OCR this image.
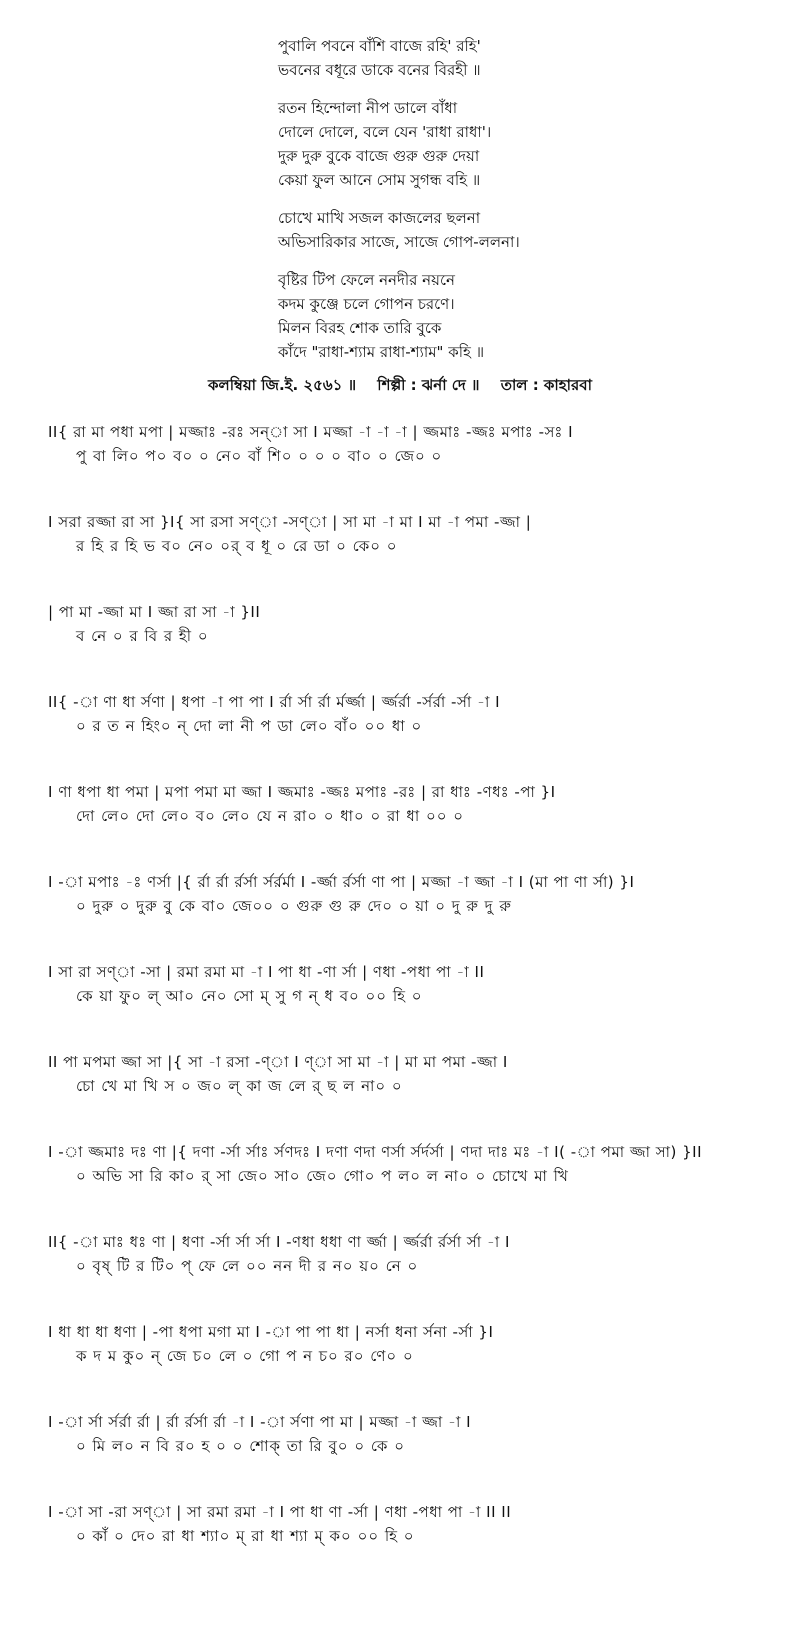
পুবালি পবনে বাঁশি বাজে রহি' রহি'
ভবনের বধূরে ডাকে বনের বিরহী ॥
রতন হিন্দোলা নীপ ডালে বাঁধা
দোলে দোলে, বলে যেন 'রাধা রাধা'।
দুরু দুরু বুকে বাজে গুরু গুরু দেয়া
কেয়া ফুল আনে সোম সুগন্ধ বহি ॥
চোখে মাখি সজল কাজলের ছলনা
অভিসারিকার সাজে, সাজে গোপ-ললনা।
বৃষ্টির টিপ ফেলে ননদীর নয়নে
কদম কুঞ্জে চলে গোপন চরণে।
মিলন বিরহ শোক তারি বুকে
কাঁদে "রাধা-শ্যাম রাধা-শ্যাম" কহি ॥
কলম্বিয়া জি.ই. ২৫৬১ ॥ শিল্পী : ঝর্না দে ॥ তাল : কাহারবা
II{ রা মা পধা মপা | মজ্জাঃ -রঃ সন্া সা I মজ্জা -া -া -া | জ্জমাঃ -জ্জঃ মপাঃ -সঃ I
পু বা লি০ প০ ব০ ০ নে০ বাঁ শি০ ০ ০ ০ বা০ ০ জে০ ০
I সরা রজ্জা রা সা }I{ সা রসা সণ্া -সণ্া | সা মা -া মা I মা -া পমা -জ্জা |
র হি র হি ভ ব০ নে০ ০র্ ব ধূ ০ রে ডা ০ কে০ ০
| পা মা -জ্জা মা I জ্জা রা সা -া }II
ব নে ০ র বি র হী ০
II{ -া ণা ধা র্সণা | ধপা -া পা পা I র্রা র্সা র্রা র্মর্জ্জা | র্জ্জর্রা -র্সর্রা -র্সা -া I
০ র ত ন হিং০ ন্ দো লা নী প ডা লে০ বাঁ০ ০০ ধা ০
I ণা ধপা ধা পমা | মপা পমা মা জ্জা I জ্জমাঃ -জ্জঃ মপাঃ -রঃ | রা ধাঃ -ণধঃ -পা }I
দো লে০ দো লে০ ব০ লে০ যে ন রা০ ০ ধা০ ০ রা ধা ০০ ০
I -া মপাঃ -ঃ ণর্সা |{ র্রা র্রা র্রর্সা র্সর্রর্মা I -র্জ্জা র্রর্সা ণা পা | মজ্জা -া জ্জা -া I (মা পা ণা র্সা) }I
০ দুরু ০ দুরু বু কে বা০ জে০০ ০ গুরু গু রু দে০ ০ য়া ০ দু রু দু রু
I সা রা সণ্া -সা | রমা রমা মা -া I পা ধা -ণা র্সা | ণধা -পধা পা -া II
কে য়া ফু০ ল্ আ০ নে০ সো ম্ সু গ ন্ ধ ব০ ০০ হি ০
II পা মপমা জ্জা সা |{ সা -া রসা -ণ্া I ণ্া সা মা -া | মা মা পমা -জ্জা I
চো খে মা খি স ০ জ০ ল্ কা জ লে র্ ছ ল না০ ০
I -া জ্জমাঃ দঃ ণা |{ দণা -র্সা র্সাঃ র্সণদঃ I দণা ণদা ণর্সা র্সর্দর্সা | ণদা দাঃ মঃ -া I( -া পমা জ্জা সা) }II
০ অভি সা রি কা০ র্ সা জে০ সা০ জে০ গো০ প ল০ ল না০ ০ চোখে মা খি
II{ -া মাঃ ধঃ ণা | ধণা -র্সা র্সা র্সা I -ণধা ধধা ণা র্জ্জা | র্জ্জর্রা র্রর্সা র্সা -া I
০ বৃষ্ টি র টি০ প্ ফে লে ০০ নন দী র ন০ য়০ নে ০
I ধা ধা ধা ধণা | -পা ধপা মগা মা I -া পা পা ধা | নর্সা ধনা র্সনা -র্সা }I
ক দ ম কু০ ন্ জে চ০ লে ০ গো প ন চ০ র০ ণে০ ০
I -া র্সা র্সর্রা র্রা | র্রা র্রর্সা র্রা -া I -া র্সণা পা মা | মজ্জা -া জ্জা -া I
০ মি ল০ ন বি র০ হ ০ ০ শোক্ তা রি বু০ ০ কে ০
I -া সা -রা সণ্া | সা রমা রমা -া I পা ধা ণা -র্সা | ণধা -পধা পা -া II II
০ কাঁ ০ দে০ রা ধা শ্যা০ ম্ রা ধা শ্যা ম্ ক০ ০০ হি ০
